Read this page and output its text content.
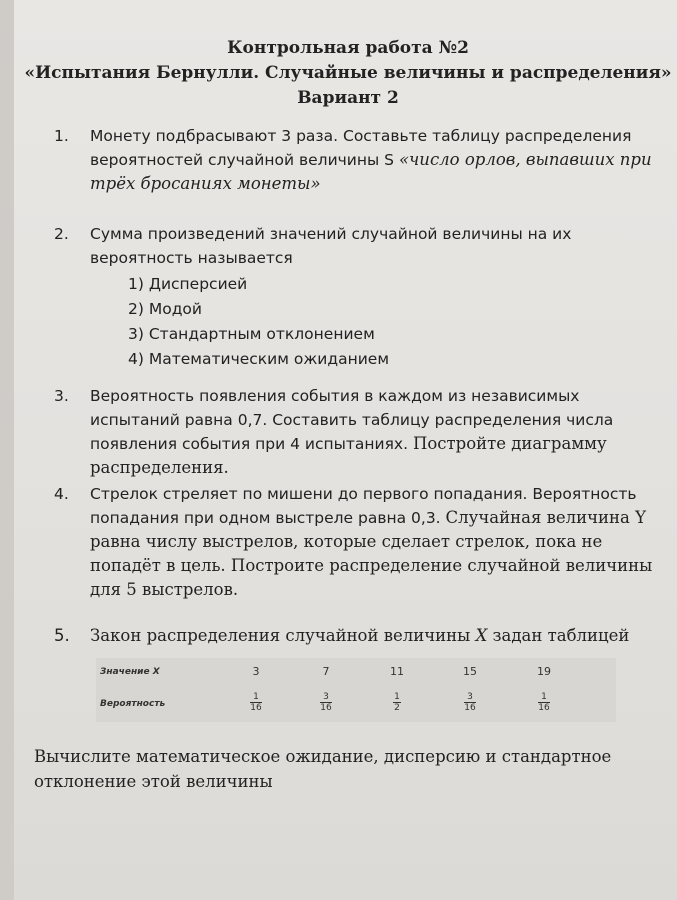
Контрольная работа №2
«Испытания Бернулли. Случайные величины и распределения»
Вариант 2
1. Монету подбрасывают 3 раза. Составьте таблицу распределения вероятностей случайной величины S «число орлов, выпавших при трёх бросаниях монеты»
2. Сумма произведений значений случайной величины на их вероятность называется
1) Дисперсией
2) Модой
3) Стандартным отклонением
4) Математическим ожиданием
3. Вероятность появления события в каждом из независимых испытаний равна 0,7. Составить таблицу распределения числа появления события при 4 испытаниях. Постройте диаграмму распределения.
4. Стрелок стреляет по мишени до первого попадания. Вероятность попадания при одном выстреле равна 0,3. Случайная величина Y равна числу выстрелов, которые сделает стрелок, пока не попадёт в цель. Построите распределение случайной величины для 5 выстрелов.
5. Закон распределения случайной величины X задан таблицей
Значение X	3	7	11	15	19
Вероятность	$\frac{1}{16}$	$\frac{3}{16}$	$\frac{1}{2}$	$\frac{3}{16}$	$\frac{1}{16}$
Вычислите математическое ожидание, дисперсию и стандартное отклонение этой величины
